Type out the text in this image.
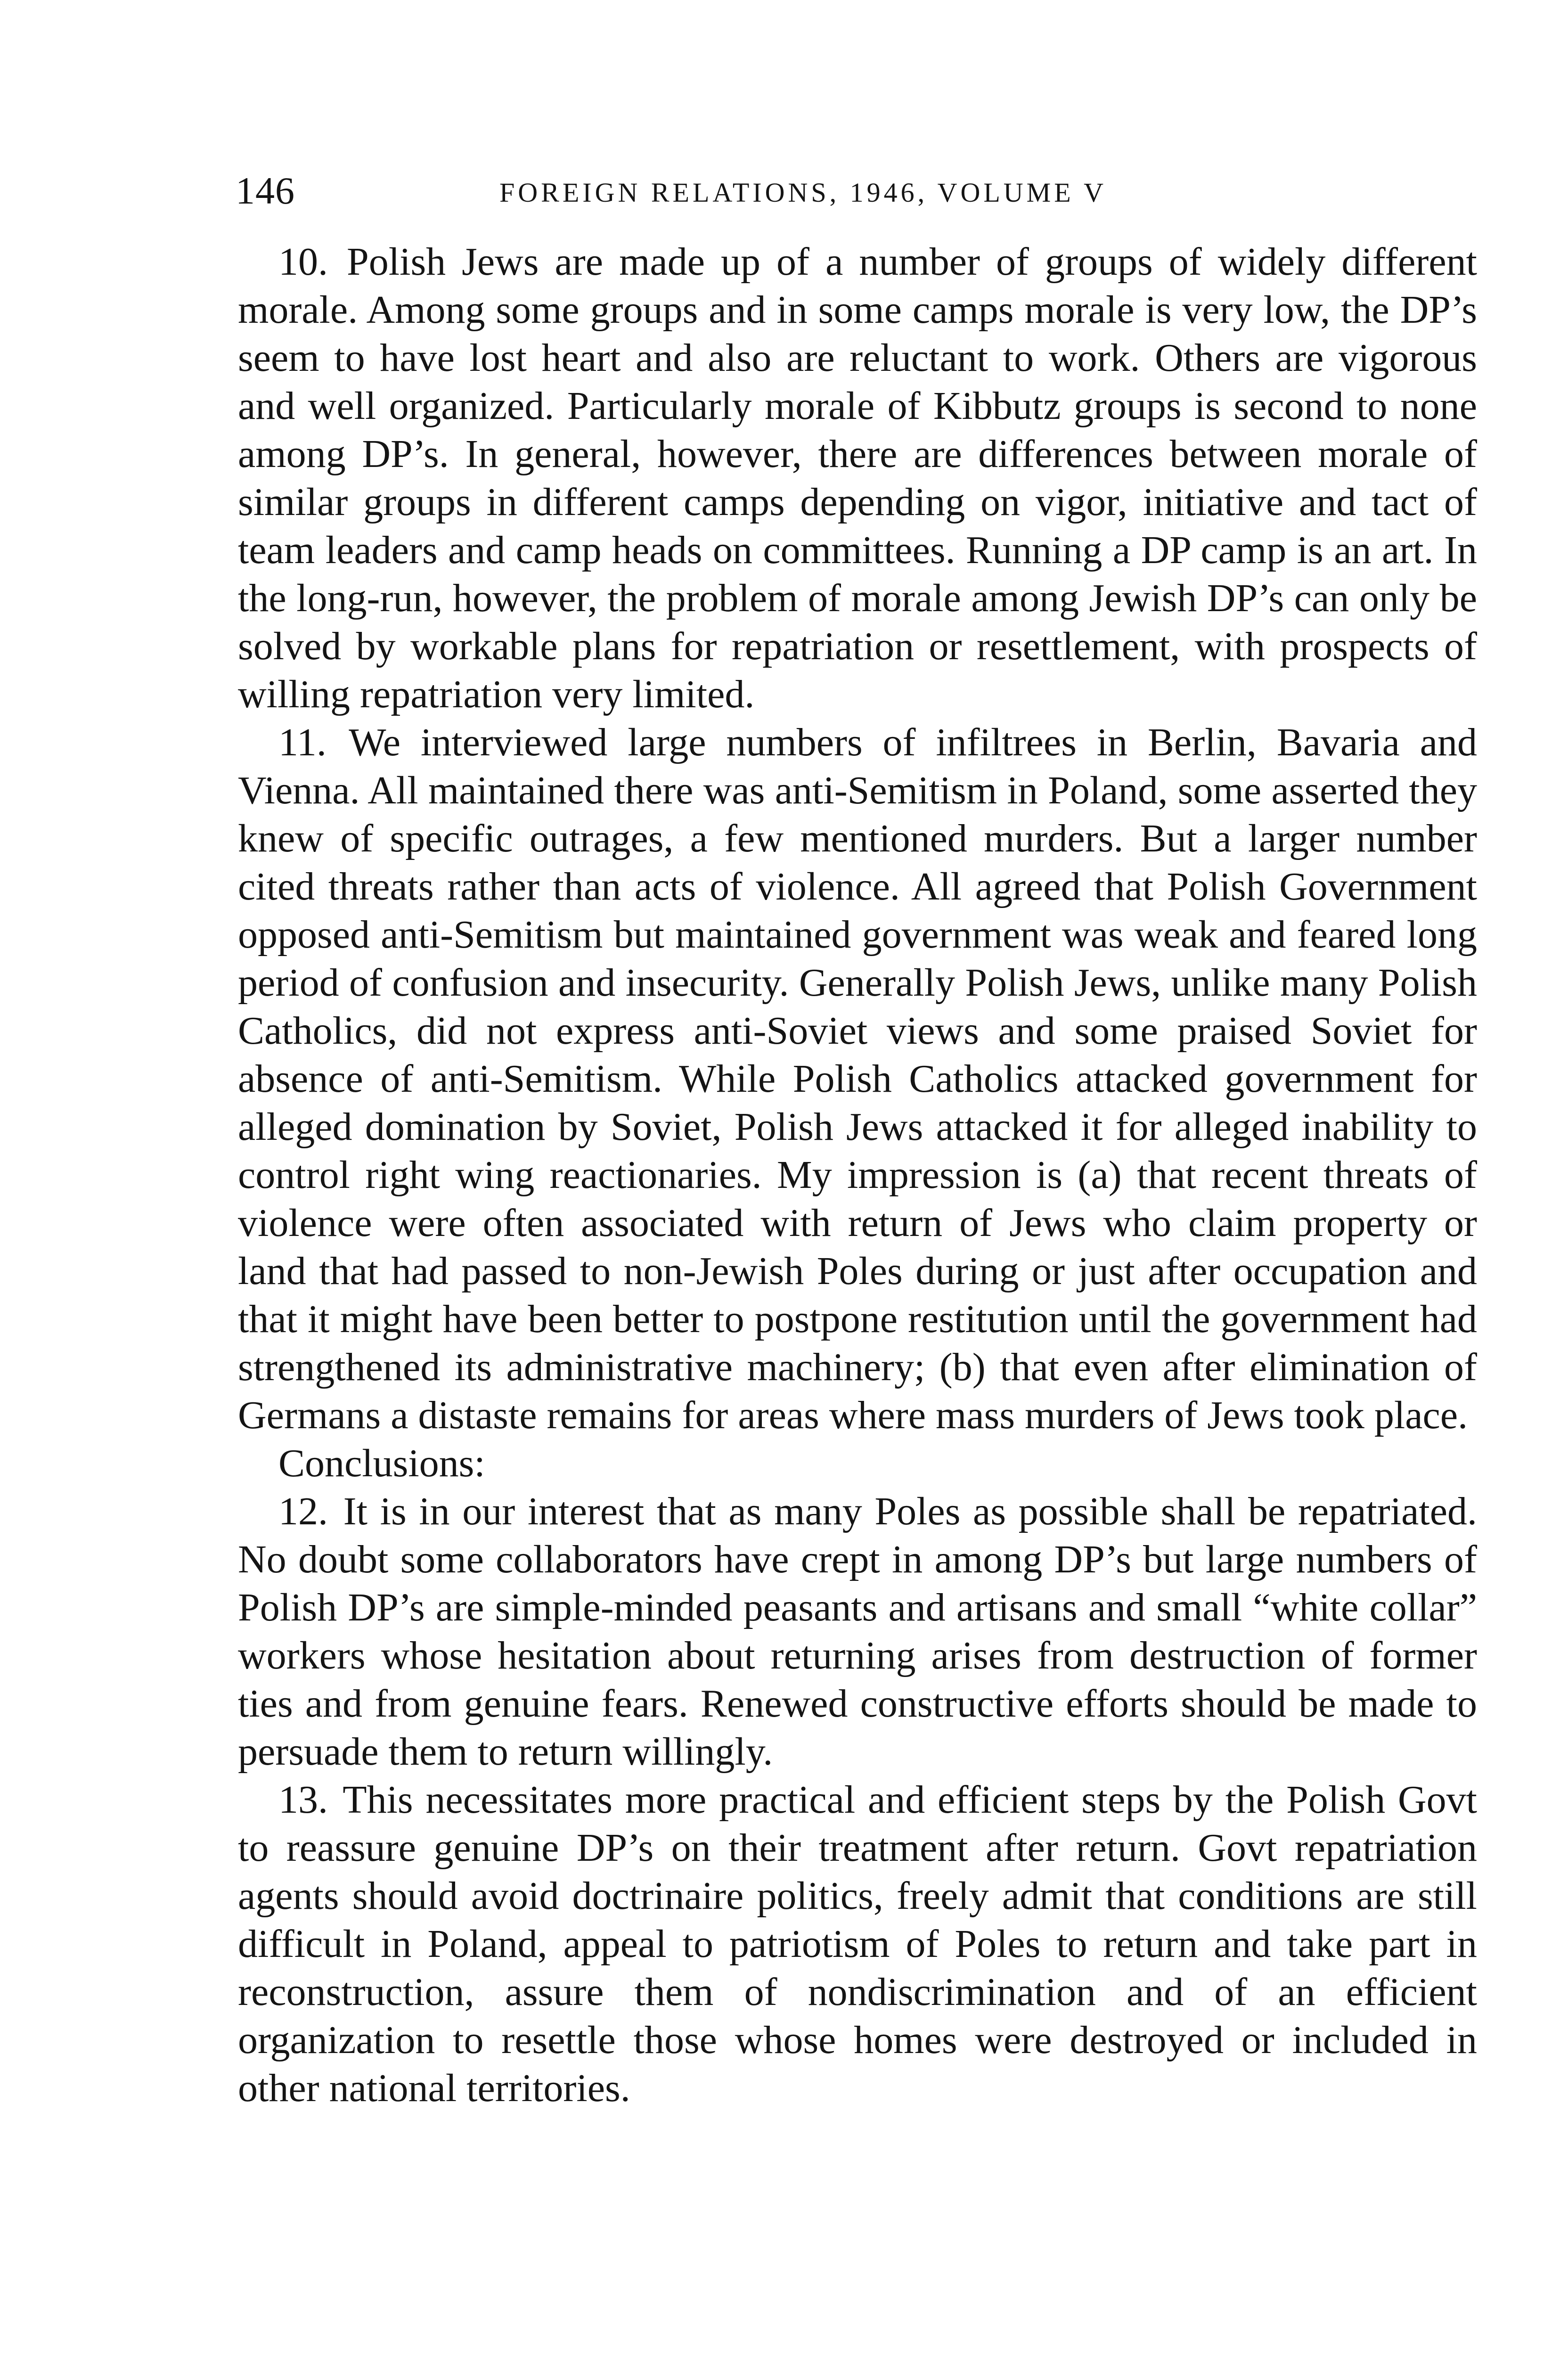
146	FOREIGN RELATIONS, 1946, VOLUME V

10. Polish Jews are made up of a number of groups of widely different morale. Among some groups and in some camps morale is very low, the DP’s seem to have lost heart and also are reluctant to work. Others are vigorous and well organized. Particularly morale of Kibbutz groups is second to none among DP’s. In general, however, there are differences between morale of similar groups in different camps depending on vigor, initiative and tact of team leaders and camp heads on committees. Running a DP camp is an art. In the long-run, however, the problem of morale among Jewish DP’s can only be solved by workable plans for repatriation or resettlement, with prospects of willing repatriation very limited.

11. We interviewed large numbers of infiltrees in Berlin, Bavaria and Vienna. All maintained there was anti-Semitism in Poland, some asserted they knew of specific outrages, a few mentioned murders. But a larger number cited threats rather than acts of violence. All agreed that Polish Government opposed anti-Semitism but maintained government was weak and feared long period of confusion and insecurity. Generally Polish Jews, unlike many Polish Catholics, did not express anti-Soviet views and some praised Soviet for absence of anti-Semitism. While Polish Catholics attacked government for alleged domination by Soviet, Polish Jews attacked it for alleged inability to control right wing reactionaries. My impression is (a) that recent threats of violence were often associated with return of Jews who claim property or land that had passed to non-Jewish Poles during or just after occupation and that it might have been better to postpone restitution until the government had strengthened its administrative machinery; (b) that even after elimination of Germans a distaste remains for areas where mass murders of Jews took place.

Conclusions:

12. It is in our interest that as many Poles as possible shall be repatriated. No doubt some collaborators have crept in among DP’s but large numbers of Polish DP’s are simple-minded peasants and artisans and small “white collar” workers whose hesitation about returning arises from destruction of former ties and from genuine fears. Renewed constructive efforts should be made to persuade them to return willingly.

13. This necessitates more practical and efficient steps by the Polish Govt to reassure genuine DP’s on their treatment after return. Govt repatriation agents should avoid doctrinaire politics, freely admit that conditions are still difficult in Poland, appeal to patriotism of Poles to return and take part in reconstruction, assure them of nondiscrimination and of an efficient organization to resettle those whose homes were destroyed or included in other national territories.
